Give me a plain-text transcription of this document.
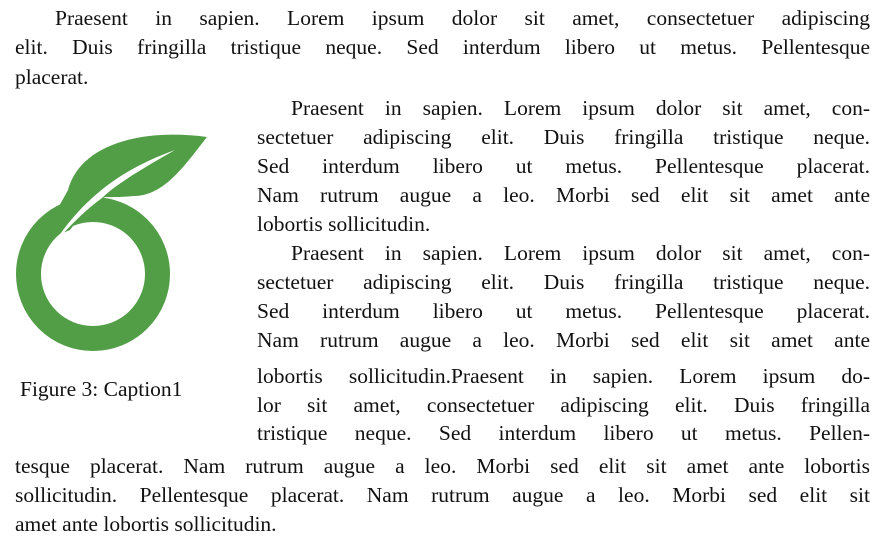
Praesent in sapien. Lorem ipsum dolor sit amet, consectetuer adipiscing
elit. Duis fringilla tristique neque. Sed interdum libero ut metus. Pellentesque
placerat.
Figure 3: Caption1
Praesent in sapien. Lorem ipsum dolor sit amet, con-
sectetuer adipiscing elit. Duis fringilla tristique neque.
Sed interdum libero ut metus. Pellentesque placerat.
Nam rutrum augue a leo. Morbi sed elit sit amet ante
lobortis sollicitudin.
Praesent in sapien. Lorem ipsum dolor sit amet, con-
sectetuer adipiscing elit. Duis fringilla tristique neque.
Sed interdum libero ut metus. Pellentesque placerat.
Nam rutrum augue a leo. Morbi sed elit sit amet ante
lobortis sollicitudin.Praesent in sapien. Lorem ipsum do-
lor sit amet, consectetuer adipiscing elit. Duis fringilla
tristique neque. Sed interdum libero ut metus. Pellen-
tesque placerat. Nam rutrum augue a leo. Morbi sed elit sit amet ante lobortis
sollicitudin. Pellentesque placerat. Nam rutrum augue a leo. Morbi sed elit sit
amet ante lobortis sollicitudin.
